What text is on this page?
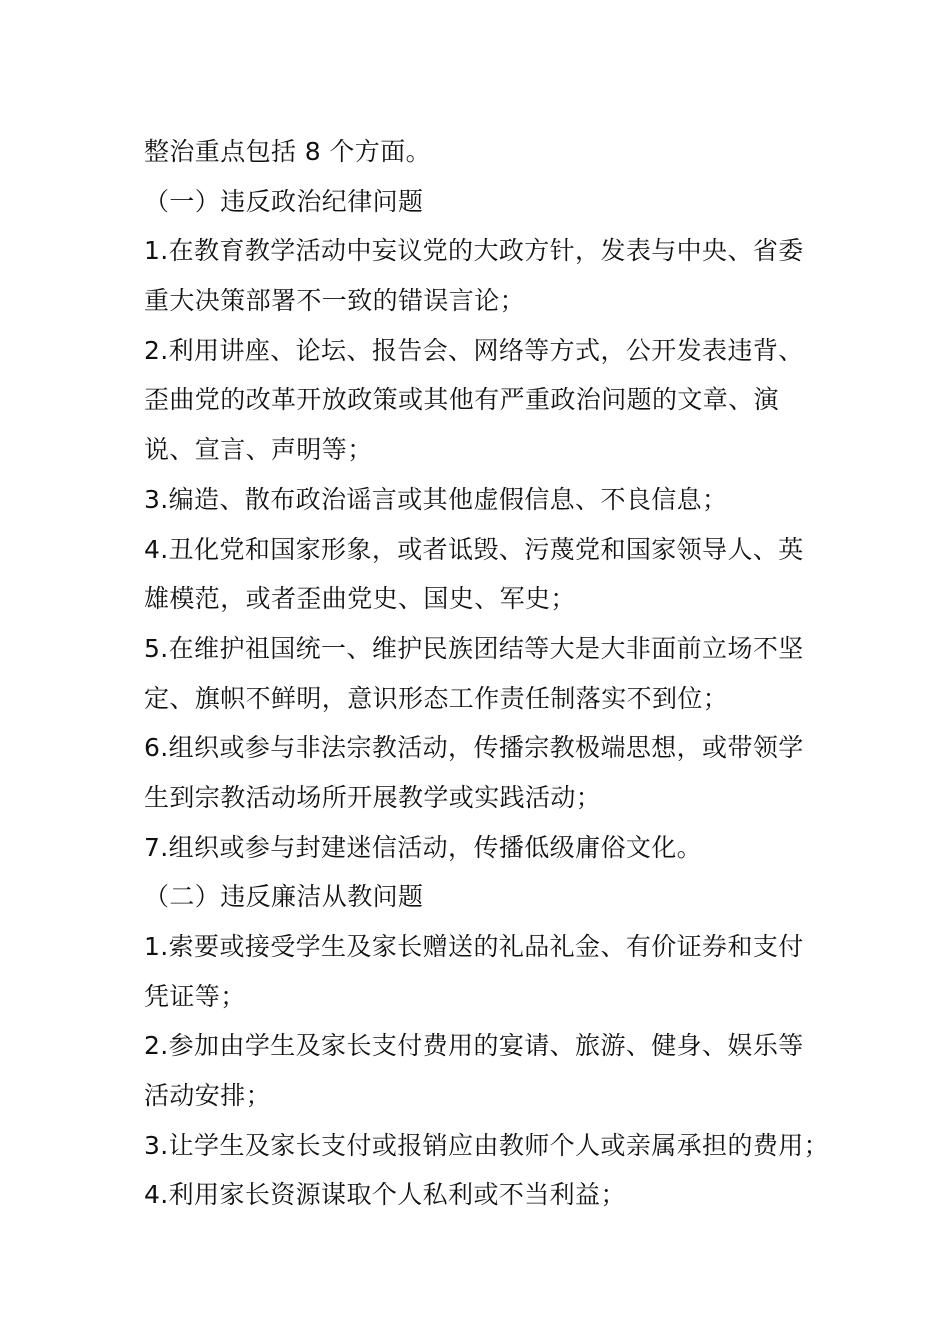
整治重点包括 8 个方面。
（一）违反政治纪律问题
1.在教育教学活动中妄议党的大政方针，发表与中央、省委
重大决策部署不一致的错误言论；
2.利用讲座、论坛、报告会、网络等方式，公开发表违背、
歪曲党的改革开放政策或其他有严重政治问题的文章、演
说、宣言、声明等；
3.编造、散布政治谣言或其他虚假信息、不良信息；
4.丑化党和国家形象，或者诋毁、污蔑党和国家领导人、英
雄模范，或者歪曲党史、国史、军史；
5.在维护祖国统一、维护民族团结等大是大非面前立场不坚
定、旗帜不鲜明，意识形态工作责任制落实不到位；
6.组织或参与非法宗教活动，传播宗教极端思想，或带领学
生到宗教活动场所开展教学或实践活动；
7.组织或参与封建迷信活动，传播低级庸俗文化。
（二）违反廉洁从教问题
1.索要或接受学生及家长赠送的礼品礼金、有价证券和支付
凭证等；
2.参加由学生及家长支付费用的宴请、旅游、健身、娱乐等
活动安排；
3.让学生及家长支付或报销应由教师个人或亲属承担的费用；
4.利用家长资源谋取个人私利或不当利益；
